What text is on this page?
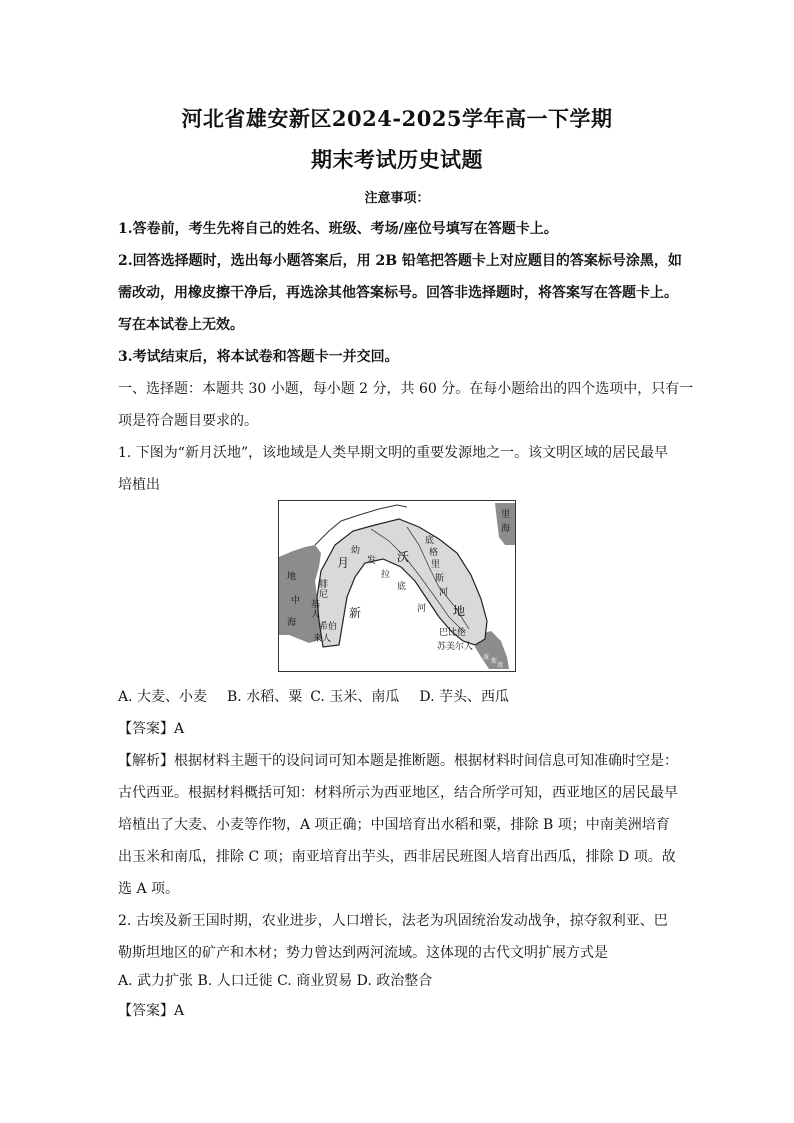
河北省雄安新区2024-2025学年高一下学期
期末考试历史试题
注意事项：
1.答卷前，考生先将自己的姓名、班级、考场/座位号填写在答题卡上。
2.回答选择题时，选出每小题答案后，用 2B 铅笔把答题卡上对应题目的答案标号涂黑，如
需改动，用橡皮擦干净后，再选涂其他答案标号。回答非选择题时，将答案写在答题卡上。
写在本试卷上无效。
3.考试结束后，将本试卷和答题卡一并交回。
一、选择题：本题共 30 小题，每小题 2 分，共 60 分。在每小题给出的四个选项中，只有一
项是符合题目要求的。
1. 下图为“新月沃地”，该地域是人类早期文明的重要发源地之一。该文明区域的居民最早
培植出
里
海
地
中
海
月	沃
地
新
幼
发
拉
底
河
底
格
里
斯
河
腓
尼
基
人
希伯
来人
巴比伦
苏美尔人
波
斯
湾
A. 大麦、小麦 B. 水稻、粟 C. 玉米、南瓜 D. 芋头、西瓜
【答案】A
【解析】根据材料主题干的设问词可知本题是推断题。根据材料时间信息可知准确时空是：
古代西亚。根据材料概括可知：材料所示为西亚地区，结合所学可知，西亚地区的居民最早
培植出了大麦、小麦等作物，A 项正确；中国培育出水稻和粟，排除 B 项；中南美洲培育
出玉米和南瓜，排除 C 项；南亚培育出芋头，西非居民班图人培育出西瓜，排除 D 项。故
选 A 项。
2. 古埃及新王国时期，农业进步，人口增长，法老为巩固统治发动战争，掠夺叙利亚、巴
勒斯坦地区的矿产和木材；势力曾达到两河流域。这体现的古代文明扩展方式是
A. 武力扩张 B. 人口迁徙 C. 商业贸易 D. 政治整合
【答案】A
